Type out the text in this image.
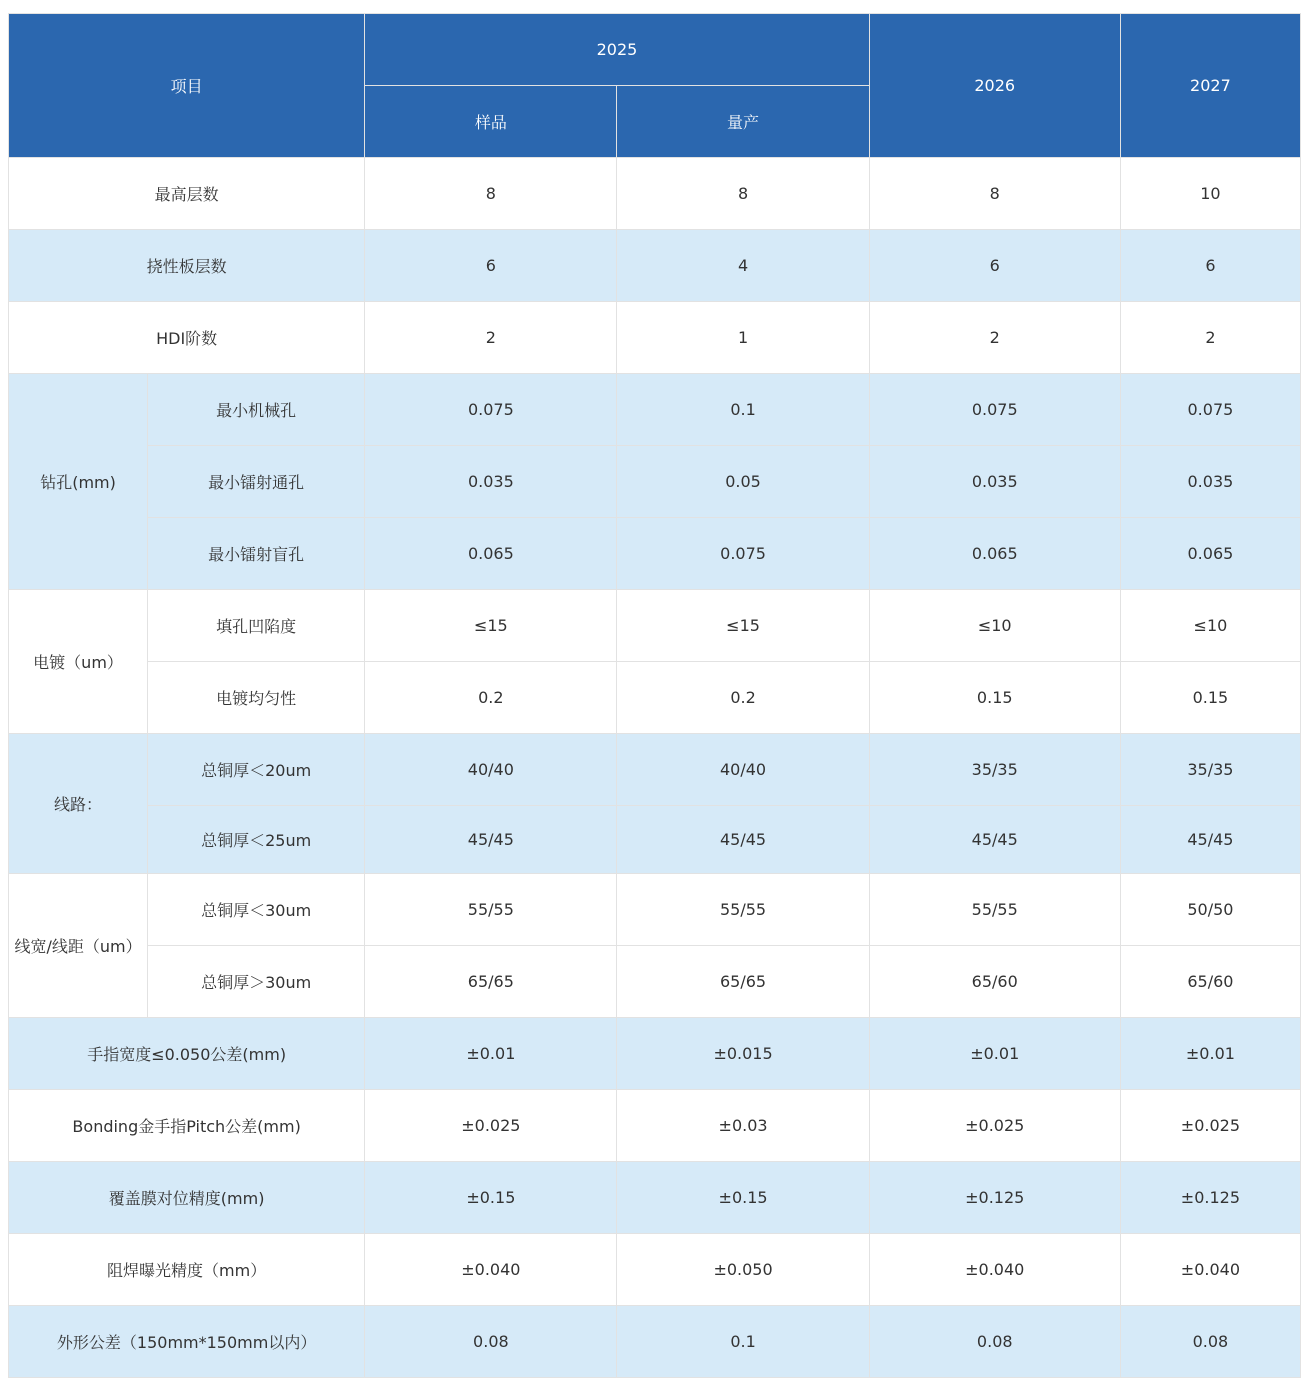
项目		2025		2026	2027
		样品	量产		
最高层数		8	8	8	10
挠性板层数		6	4	6	6
HDI阶数		2	1	2	2
钻孔(mm)	最小机械孔	0.075	0.1	0.075	0.075
	最小镭射通孔	0.035	0.05	0.035	0.035
	最小镭射盲孔	0.065	0.075	0.065	0.065
电镀（um）	填孔凹陷度	≤15	≤15	≤10	≤10
	电镀均匀性	0.2	0.2	0.15	0.15
线路：	总铜厚＜20um	40/40	40/40	35/35	35/35
	总铜厚＜25um	45/45	45/45	45/45	45/45
线宽/线距（um）	总铜厚＜30um	55/55	55/55	55/55	50/50
	总铜厚＞30um	65/65	65/65	65/60	65/60
手指宽度≤0.050公差(mm)		±0.01	±0.015	±0.01	±0.01
Bonding金手指Pitch公差(mm)		±0.025	±0.03	±0.025	±0.025
覆盖膜对位精度(mm)		±0.15	±0.15	±0.125	±0.125
阻焊曝光精度（mm）		±0.040	±0.050	±0.040	±0.040
外形公差（150mm*150mm以内）		0.08	0.1	0.08	0.08
